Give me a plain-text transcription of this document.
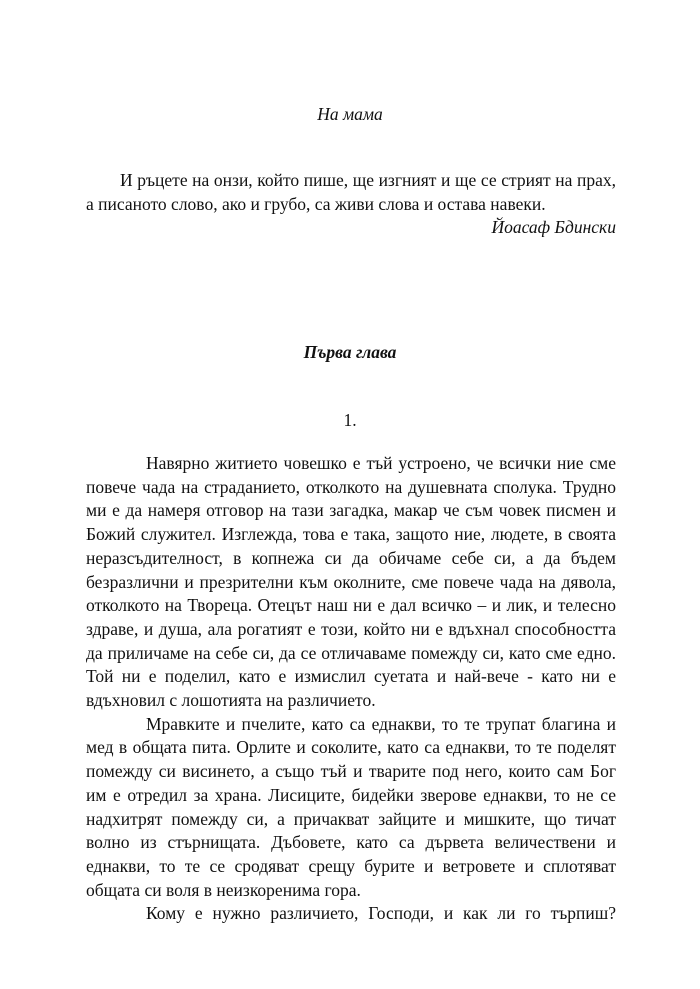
На мама

И ръцете на онзи, който пише, ще изгният и ще се стрият на прах, а писаното слово, ако и грубо, са живи слова и остава навеки.

Йоасаф Бдински

Първа глава
1.

Навярно житието човешко е тъй устроено, че всички ние сме повече чада на страданието, отколкото на душевната сполука. Трудно ми е да намеря отговор на тази загадка, макар че съм човек писмен и Божий служител. Изглежда, това е така, защото ние, людете, в своята неразсъдителност, в копнежа си да обичаме себе си, а да бъдем безразлични и презрителни към околните, сме повече чада на дявола, отколкото на Твореца. Отецът наш ни е дал всичко – и лик, и телесно здраве, и душа, ала рогатият е този, който ни е вдъхнал способността да приличаме на себе си, да се отличаваме помежду си, като сме едно. Той ни е поделил, като е измислил суетата и най-вече - като ни е вдъхновил с лошотията на различието.

Мравките и пчелите, като са еднакви, то те трупат благина и мед в общата пита. Орлите и соколите, като са еднакви, то те поделят помежду си висинето, а също тъй и тварите под него, които сам Бог им е отредил за храна. Лисиците, бидейки зверове еднакви, то не се надхитрят помежду си, а причакват зайците и мишките, що тичат волно из стърнищата. Дъбовете, като са дървета величествени и еднакви, то те се сродяват срещу бурите и ветровете и сплотяват общата си воля в неизкоренима гора.

Кому е нужно различието, Господи, и как ли го търпиш?
